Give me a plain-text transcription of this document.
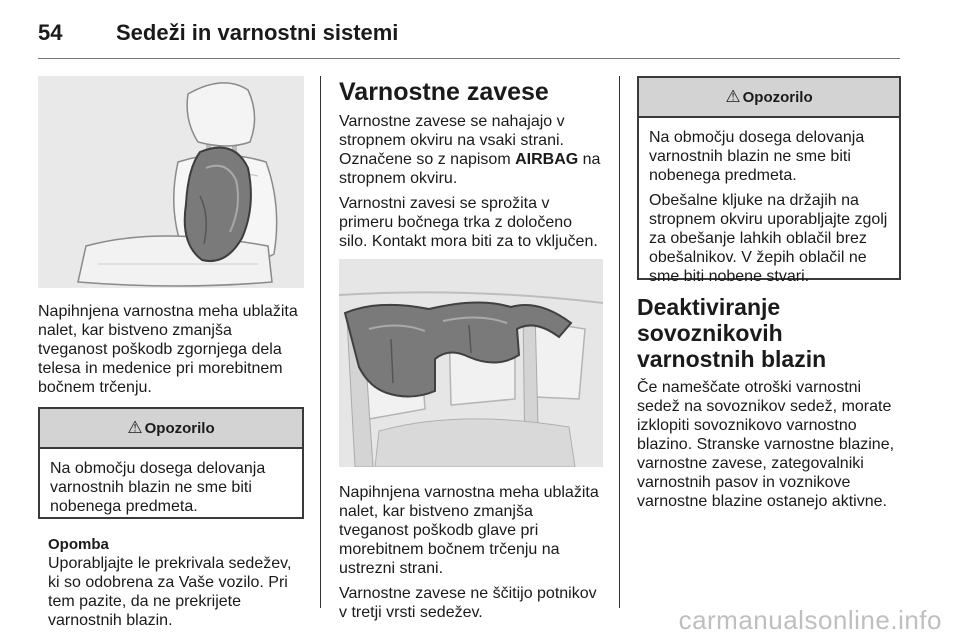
54 Sedeži in varnostni sistemi

Napihnjena varnostna meha ublažita nalet, kar bistveno zmanjša tveganost poškodb zgornjega dela telesa in medenice pri morebitnem bočnem trčenju.

⚠ Opozorilo

Na območju dosega delovanja varnostnih blazin ne sme biti nobenega predmeta.

Opomba
Uporabljajte le prekrivala sedežev, ki so odobrena za Vaše vozilo. Pri tem pazite, da ne prekrijete varnostnih blazin.
Varnostne zavese

Varnostne zavese se nahajajo v stropnem okviru na vsaki strani. Označene so z napisom AIRBAG na stropnem okviru.

Varnostni zavesi se sprožita v primeru bočnega trka z določeno silo. Kontakt mora biti za to vključen.

Napihnjena varnostna meha ublažita nalet, kar bistveno zmanjša tveganost poškodb glave pri morebitnem bočnem trčenju na ustrezni strani.

Varnostne zavese ne ščitijo potnikov v tretji vrsti sedežev.

⚠ Opozorilo

Na območju dosega delovanja varnostnih blazin ne sme biti nobenega predmeta.

Obešalne kljuke na držajih na stropnem okviru uporabljajte zgolj za obešanje lahkih oblačil brez obešalnikov. V žepih oblačil ne sme biti nobene stvari.

Deaktiviranje sovoznikovih varnostnih blazin

Če nameščate otroški varnostni sedež na sovoznikov sedež, morate izklopiti sovoznikovo varnostno blazino. Stranske varnostne blazine, varnostne zavese, zategovalniki varnostnih pasov in voznikove varnostne blazine ostanejo aktivne.

carmanualsonline.info
